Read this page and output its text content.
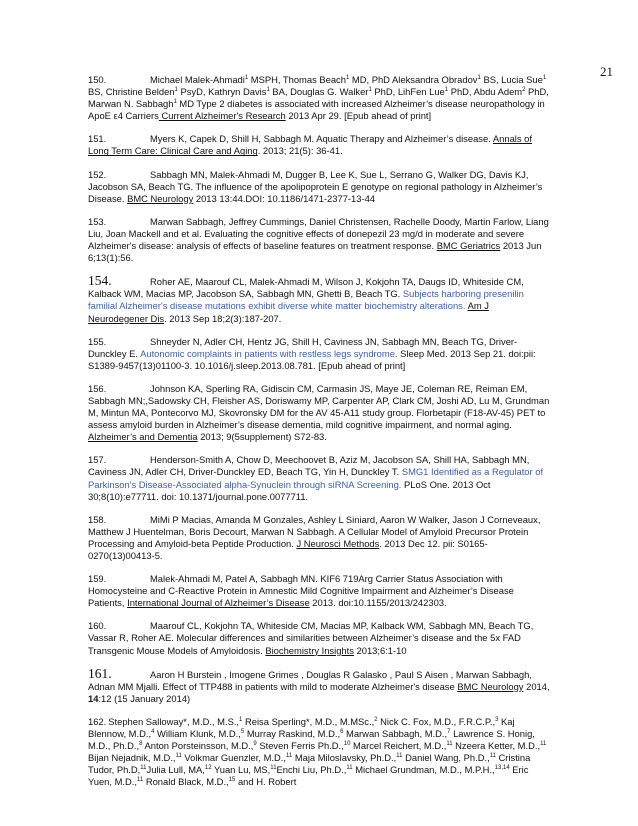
21
150.	Michael Malek-Ahmadi$^1$ MSPH, Thomas Beach$^1$ MD, PhD Aleksandra Obradov$^1$ BS, Lucia Sue$^1$ BS, Christine Belden$^1$ PsyD, Kathryn Davis$^1$ BA, Douglas G. Walker$^1$ PhD, LihFen Lue$^1$ PhD, Abdu Adem$^2$ PhD, Marwan N. Sabbagh$^1$ MD Type 2 diabetes is associated with increased Alzheimer’s disease neuropathology in ApoE ε4 Carriers Current Alzheimer's Research 2013 Apr 29. [Epub ahead of print]
151.	Myers K, Capek D, Shill H, Sabbagh M. Aquatic Therapy and Alzheimer’s disease. Annals of Long Term Care: Clinical Care and Aging. 2013; 21(5): 36-41.
152.	Sabbagh MN, Malek-Ahmadi M, Dugger B, Lee K, Sue L, Serrano G, Walker DG, Davis KJ, Jacobson SA, Beach TG. The influence of the apolipoprotein E genotype on regional pathology in Alzheimer’s Disease. BMC Neurology 2013 13:44.DOI: 10.1186/1471-2377-13-44
153.	Marwan Sabbagh, Jeffrey Cummings, Daniel Christensen, Rachelle Doody, Martin Farlow, Liang Liu, Joan Mackell and et al. Evaluating the cognitive effects of donepezil 23 mg/d in moderate and severe Alzheimer's disease: analysis of effects of baseline features on treatment response. BMC Geriatrics 2013 Jun 6;13(1):56.
154.	Roher AE, Maarouf CL, Malek-Ahmadi M, Wilson J, Kokjohn TA, Daugs ID, Whiteside CM, Kalback WM, Macias MP, Jacobson SA, Sabbagh MN, Ghetti B, Beach TG. Subjects harboring presenilin familial Alzheimer's disease mutations exhibit diverse white matter biochemistry alterations. Am J Neurodegener Dis. 2013 Sep 18;2(3):187-207.
155.	Shneyder N, Adler CH, Hentz JG, Shill H, Caviness JN, Sabbagh MN, Beach TG, Driver-Dunckley E. Autonomic complaints in patients with restless legs syndrome. Sleep Med. 2013 Sep 21. doi:pii: S1389-9457(13)01100-3. 10.1016/j.sleep.2013.08.781. [Epub ahead of print]
156.	Johnson KA, Sperling RA, Gidiscin CM, Carmasin JS, Maye JE, Coleman RE, Reiman EM, Sabbagh MN;,Sadowsky CH, Fleisher AS, Doriswamy MP, Carpenter AP, Clark CM, Joshi AD, Lu M, Grundman M, Mintun MA, Pontecorvo MJ, Skovronsky DM for the AV 45-A11 study group. Florbetapir (F18-AV-45) PET to assess amyloid burden in Alzheimer’s disease dementia, mild cognitive impairment, and normal aging. Alzheimer’s and Dementia 2013; 9(5supplement) S72-83.
157.	Henderson-Smith A, Chow D, Meechoovet B, Aziz M, Jacobson SA, Shill HA, Sabbagh MN, Caviness JN, Adler CH, Driver-Dunckley ED, Beach TG, Yin H, Dunckley T. SMG1 Identified as a Regulator of Parkinson's Disease-Associated alpha-Synuclein through siRNA Screening. PLoS One. 2013 Oct 30;8(10):e77711. doi: 10.1371/journal.pone.0077711.
158.	MiMi P Macias, Amanda M Gonzales, Ashley L Siniard, Aaron W Walker, Jason J Corneveaux, Matthew J Huentelman, Boris Decourt, Marwan N Sabbagh. A Cellular Model of Amyloid Precursor Protein Processing and Amyloid-beta Peptide Production. J Neurosci Methods. 2013 Dec 12. pii: S0165-0270(13)00413-5.
159.	Malek-Ahmadi M, Patel A, Sabbagh MN. KIF6 719Arg Carrier Status Association with Homocysteine and C-Reactive Protein in Amnestic Mild Cognitive Impairment and Alzheimer’s Disease Patients, International Journal of Alzheimer’s Disease 2013. doi:10.1155/2013/242303.
160.	Maarouf CL, Kokjohn TA, Whiteside CM, Macias MP, Kalback WM, Sabbagh MN, Beach TG, Vassar R, Roher AE. Molecular differences and similarities between Alzheimer’s disease and the 5x FAD Transgenic Mouse Models of Amyloidosis. Biochemistry Insights 2013;6:1-10
161.	Aaron H Burstein , Imogene Grimes , Douglas R Galasko , Paul S Aisen , Marwan Sabbagh, Adnan MM Mjalli. Effect of TTP488 in patients with mild to moderate Alzheimer's disease BMC Neurology 2014, 14:12 (15 January 2014)
162. Stephen Salloway*, M.D., M.S.,$^1$ Reisa Sperling*, M.D., M.MSc.,$^2$ Nick C. Fox, M.D., F.R.C.P.,$^3$ Kaj Blennow, M.D.,$^4$ William Klunk, M.D.,$^5$ Murray Raskind, M.D.,$^6$ Marwan Sabbagh, M.D.,$^7$ Lawrence S. Honig, M.D., Ph.D.,$^8$ Anton Porsteinsson, M.D.,$^9$ Steven Ferris Ph.D.,$^{10}$ Marcel Reichert, M.D.,$^{11}$ Nzeera Ketter, M.D.,$^{11}$ Bijan Nejadnik, M.D.,$^{11}$ Volkmar Guenzler, M.D.,$^{11}$ Maja Miloslavsky, Ph.D.,$^{11}$ Daniel Wang, Ph.D.,$^{11}$ Cristina Tudor, Ph.D,$^{11}$Julia Lull, MA,$^{12}$ Yuan Lu, MS,$^{11}$Enchi Liu, Ph.D.,$^{11}$ Michael Grundman, M.D., M.P.H.,$^{13,14}$ Eric Yuen, M.D.,$^{11}$ Ronald Black, M.D.,$^{15}$ and H. Robert
